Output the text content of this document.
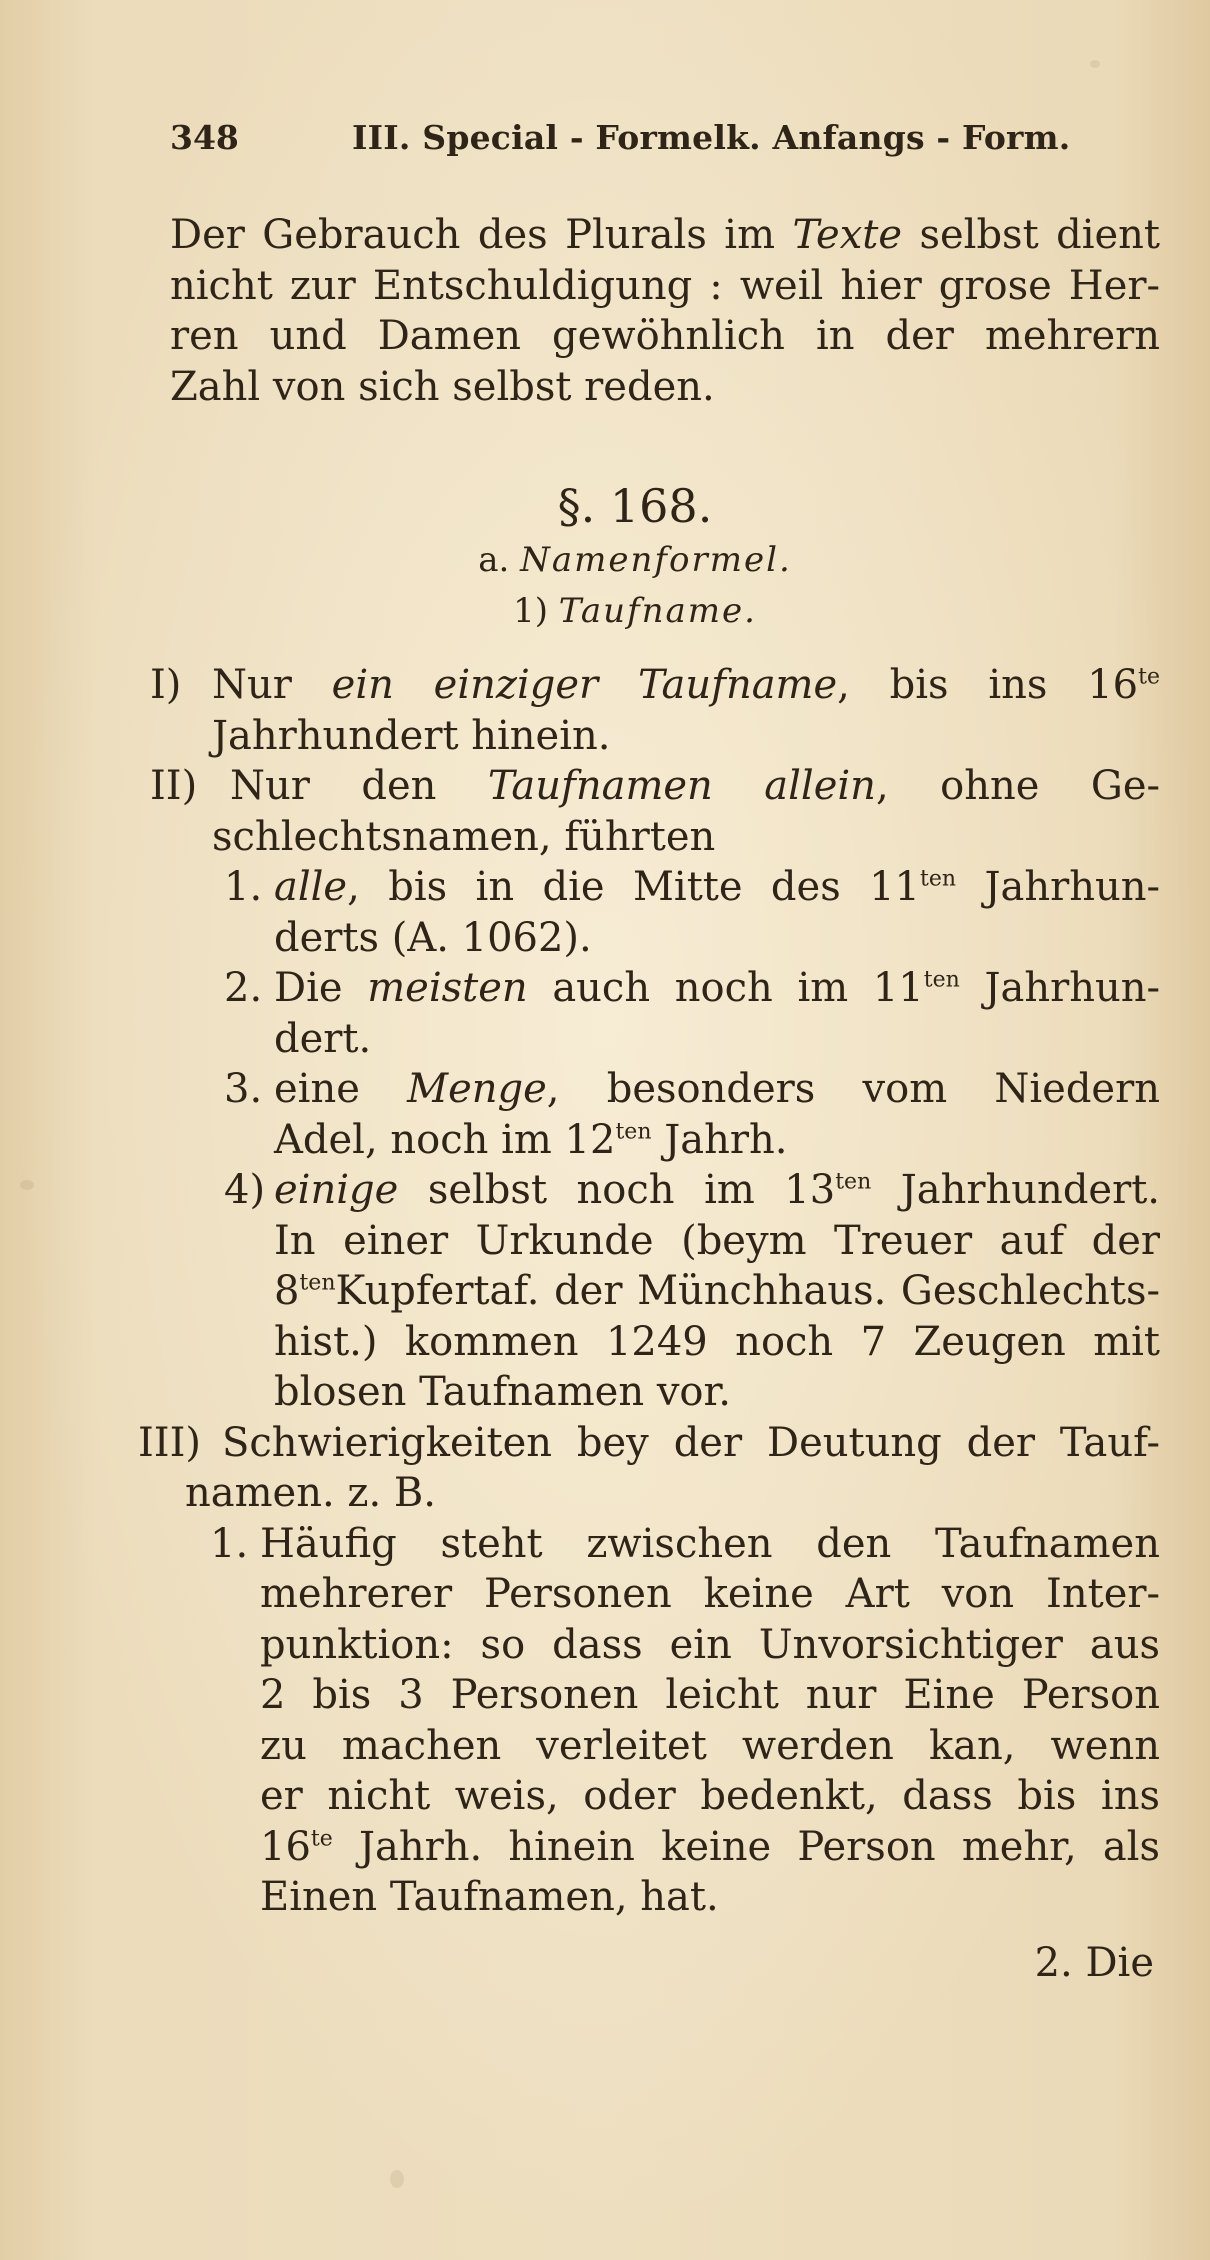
348	III. Special - Formelk. Anfangs - Form.
Der Gebrauch des Plurals im Texte selbst dient
nicht zur Entschuldigung : weil hier grose Her-
ren und Damen gewöhnlich in der mehrern
Zahl von sich selbst reden.
§. 168.
a. Namenformel.
1) Taufname.
I) Nur ein einziger Taufname, bis ins $16^{te}$
Jahrhundert hinein.
II) Nur den Taufnamen allein, ohne Ge-
schlechtsnamen, führten
1. alle, bis in die Mitte des $11^{ten}$ Jahrhun-
derts (A. 1062).
2. Die meisten auch noch im $11^{ten}$ Jahrhun-
dert.
3. eine Menge, besonders vom Niedern
Adel, noch im $12^{ten}$ Jahrh.
4) einige selbst noch im $13^{ten}$ Jahrhundert.
In einer Urkunde (beym Treuer auf der
$8^{ten}Kupfertaf$. der Münchhaus. Geschlechts-
hist.) kommen 1249 noch 7 Zeugen mit
blosen Taufnamen vor.
III) Schwierigkeiten bey der Deutung der Tauf-
namen. z. B.
1. Häufig steht zwischen den Taufnamen
mehrerer Personen keine Art von Inter-
punktion: so dass ein Unvorsichtiger aus
2 bis 3 Personen leicht nur Eine Person
zu machen verleitet werden kan, wenn
er nicht weis, oder bedenkt, dass bis ins
$16^{te}$ Jahrh. hinein keine Person mehr, als
Einen Taufnamen, hat.
2. Die
